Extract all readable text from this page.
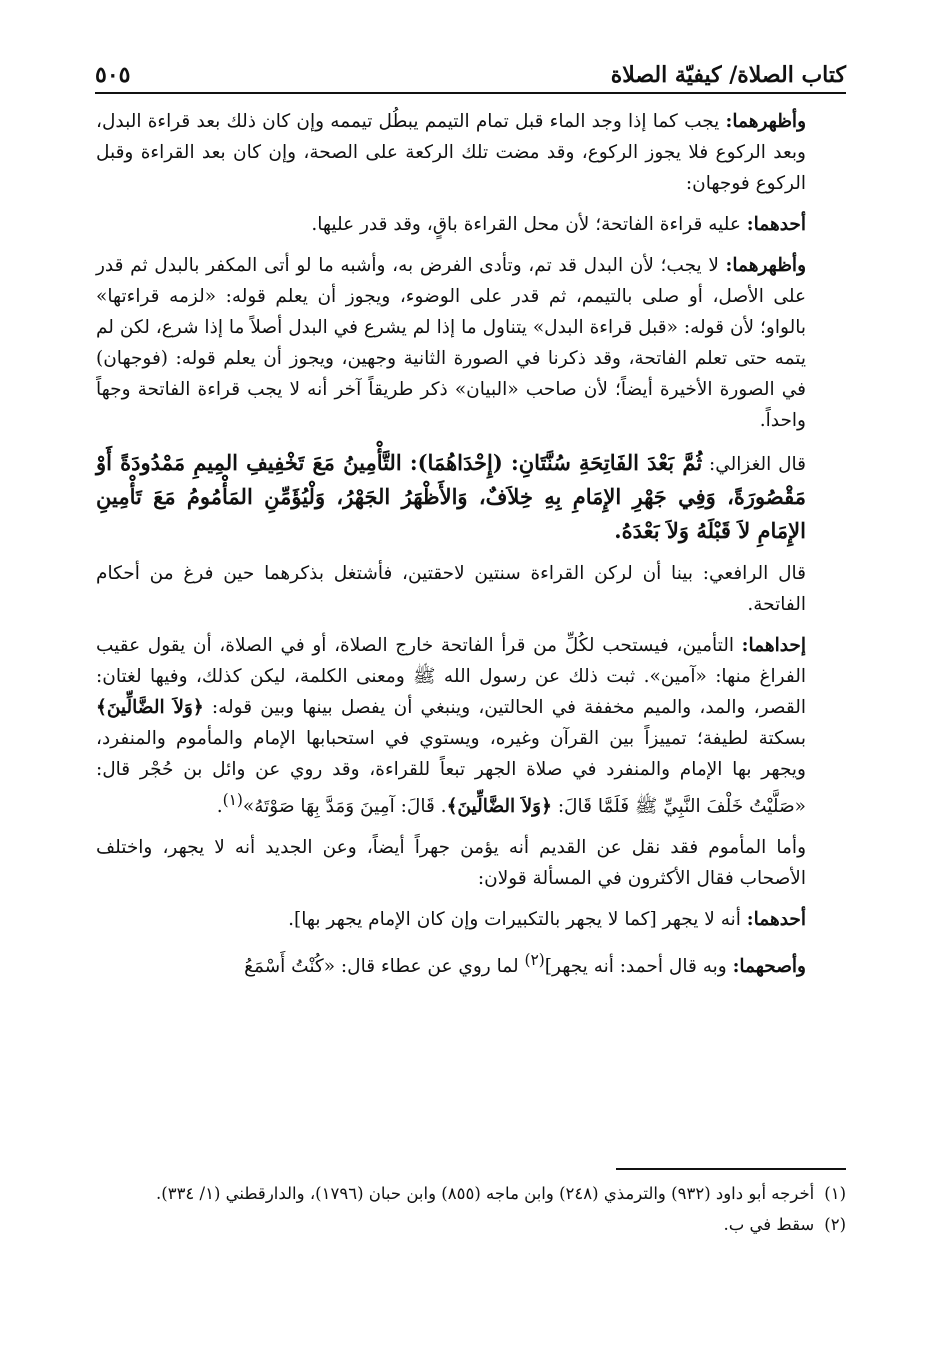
كتاب الصلاة/ كيفيّة الصلاة
٥٠٥

وأظهرهما: يجب كما إذا وجد الماء قبل تمام التيمم يبطُل تيممه وإن كان ذلك بعد قراءة البدل، وبعد الركوع فلا يجوز الركوع، وقد مضت تلك الركعة على الصحة، وإن كان بعد القراءة وقبل الركوع فوجهان:

أحدهما: عليه قراءة الفاتحة؛ لأن محل القراءة باقٍ، وقد قدر عليها.

وأظهرهما: لا يجب؛ لأن البدل قد تم، وتأدى الفرض به، وأشبه ما لو أتى المكفر بالبدل ثم قدر على الأصل، أو صلى بالتيمم، ثم قدر على الوضوء، ويجوز أن يعلم قوله: «لزمه قراءتها» بالواو؛ لأن قوله: «قبل قراءة البدل» يتناول ما إذا لم يشرع في البدل أصلاً ما إذا شرع، لكن لم يتمه حتى تعلم الفاتحة، وقد ذكرنا في الصورة الثانية وجهين، ويجوز أن يعلم قوله: (فوجهان) في الصورة الأخيرة أيضاً؛ لأن صاحب «البيان» ذكر طريقاً آخر أنه لا يجب قراءة الفاتحة وجهاً واحداً.

قال الغزالي: ثُمَّ بَعْدَ الفَاتِحَةِ سُنَّتَانِ: (إِحْدَاهُمَا): التَّأْمِينُ مَعَ تَخْفِيفِ المِيمِ مَمْدُودَةً أَوْ مَقْصُورَةً، وَفِي جَهْرِ الإِمَامِ بِهِ خِلاَفٌ، وَالأَظْهَرُ الجَهْرُ، وَلْيُؤَمِّنِ المَأْمُومُ مَعَ تَأْمِينِ الإِمَامِ لاَ قَبْلَهُ وَلاَ بَعْدَهُ.

قال الرافعي: بينا أن لركن القراءة سنتين لاحقتين، فأشتغل بذكرهما حين فرغ من أحكام الفاتحة.

إحداهما: التأمين، فيستحب لكُلِّ من قرأ الفاتحة خارج الصلاة، أو في الصلاة، أن يقول عقيب الفراغ منها: «آمين». ثبت ذلك عن رسول الله ﷺ ومعنى الكلمة، ليكن كذلك، وفيها لغتان: القصر، والمد، والميم مخففة في الحالتين، وينبغي أن يفصل بينها وبين قوله: ﴿وَلاَ الضَّالِّينَ﴾ بسكتة لطيفة؛ تمييزاً بين القرآن وغيره، ويستوي في استحبابها الإمام والمأموم والمنفرد، ويجهر بها الإمام والمنفرد في صلاة الجهر تبعاً للقراءة، وقد روي عن وائل بن حُجْر قال: «صَلَّيْتُ خَلْفَ النَّبِيِّ ﷺ فَلَمَّا قَالَ: ﴿وَلاَ الضَّالِّينَ﴾. قَالَ: آمِينَ وَمَدَّ بِهَا صَوْتَهُ»$^{(١)}$.

وأما المأموم فقد نقل عن القديم أنه يؤمن جهراً أيضاً، وعن الجديد أنه لا يجهر، واختلف الأصحاب فقال الأكثرون في المسألة قولان:

أحدهما: أنه لا يجهر [كما لا يجهر بالتكبيرات وإن كان الإمام يجهر بها].

وأصحهما: وبه قال أحمد: أنه يجهر]$^{(٢)}$ لما روي عن عطاء قال: «كُنْتُ أَسْمَعُ

(١)
أخرجه أبو داود (٩٣٢) والترمذي (٢٤٨) وابن ماجه (٨٥٥) وابن حبان (١٧٩٦)، والدارقطني (١/ ٣٣٤).
(٢)
سقط في ب.
